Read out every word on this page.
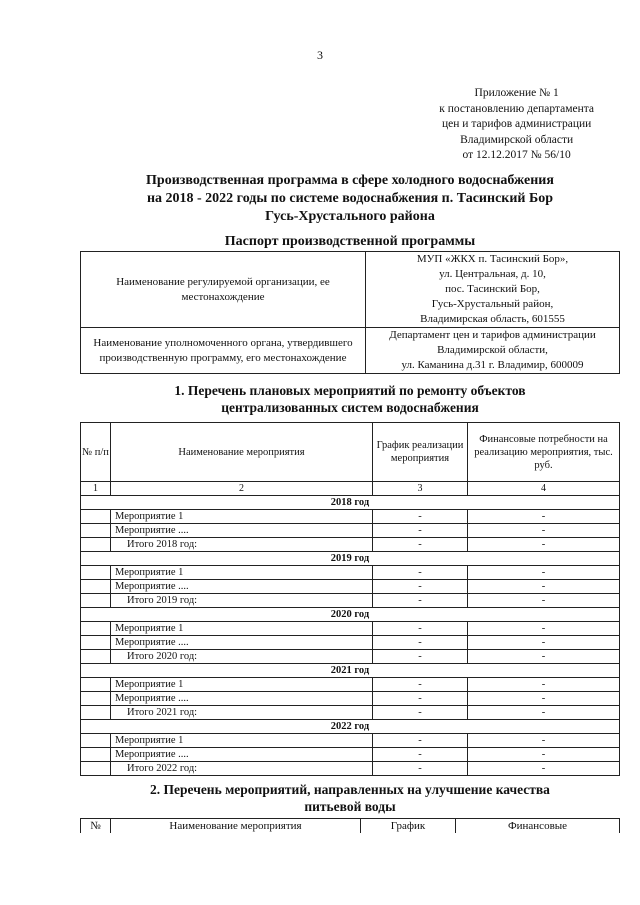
3
Приложение № 1
к постановлению департамента
цен и тарифов администрации
Владимирской области
от 12.12.2017 № 56/10
Производственная программа в сфере холодного водоснабжения
на 2018 - 2022 годы по системе водоснабжения п. Тасинский Бор
Гусь-Хрустального района
Паспорт производственной программы
Наименование регулируемой организации, ее местонахождение	МУП «ЖКХ п. Тасинский Бор»,
ул. Центральная, д. 10,
пос. Тасинский Бор,
Гусь-Хрустальный район,
Владимирская область, 601555

Наименование уполномоченного органа, утвердившего производственную программу, его местонахождение	Департамент цен и тарифов администрации
Владимирской области,
ул. Каманина д.31 г. Владимир, 600009
1. Перечень плановых мероприятий по ремонту объектов
централизованных систем водоснабжения
№ п/п	Наименование мероприятия	График реализации мероприятия	Финансовые потребности на реализацию мероприятия, тыс. руб.
1	2	3	4
2018 год			
	Мероприятие 1	-	-
	Мероприятие ....	-	-
	Итого 2018 год:	-	-
2019 год			
	Мероприятие 1	-	-
	Мероприятие ....	-	-
	Итого 2019 год:	-	-
2020 год			
	Мероприятие 1	-	-
	Мероприятие ....	-	-
	Итого 2020 год:	-	-
2021 год			
	Мероприятие 1	-	-
	Мероприятие ....	-	-
	Итого 2021 год:	-	-
2022 год			
	Мероприятие 1	-	-
	Мероприятие ....	-	-
	Итого 2022 год:	-	-
2. Перечень мероприятий, направленных на улучшение качества
питьевой воды
№	Наименование мероприятия	График	Финансовые
